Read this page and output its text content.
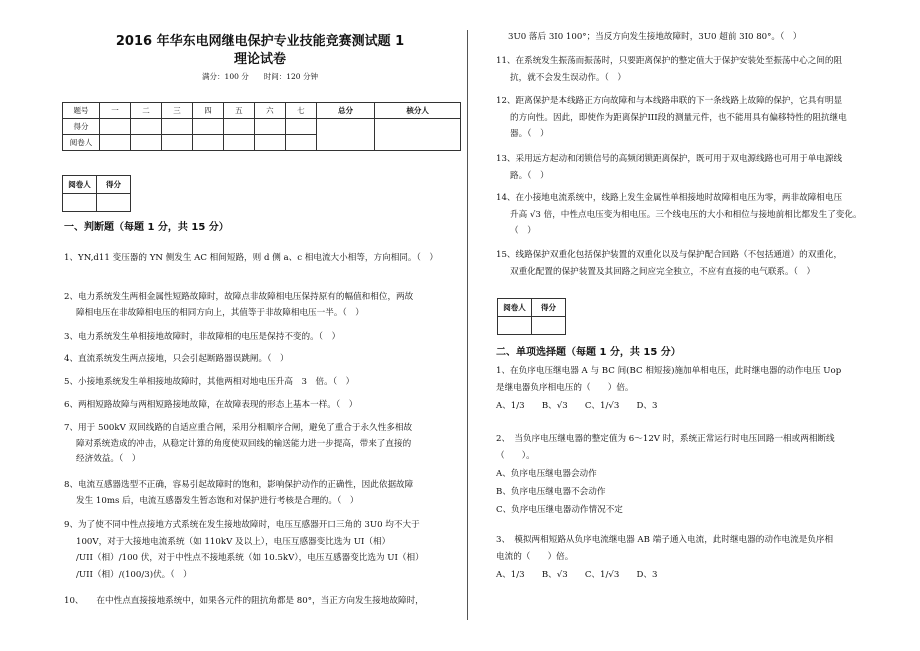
2016 年华东电网继电保护专业技能竞赛测试题 1
理论试卷
满分：100 分　　时间：120 分钟
题号	一	二	三	四	五	六	七	总分	核分人
得分									
阅卷人									
阅卷人	得分

一、判断题（每题 1 分，共 15 分）
1、YN,d11 变压器的 YN 侧发生 AC 相间短路，则 d 侧 a、c 相电流大小相等，方向相同。（　）
2、电力系统发生两相金属性短路故障时，故障点非故障相电压保持原有的幅值和相位，两故
障相电压在非故障相电压的相同方向上，其值等于非故障相电压一半。（　）
3、电力系统发生单相接地故障时，非故障相的电压是保持不变的。（　）
4、直流系统发生两点接地，只会引起断路器误跳闸。（　）
5、小接地系统发生单相接地故障时，其他两相对地电压升高　3　倍。（　）
6、两相短路故障与两相短路接地故障，在故障表现的形态上基本一样。（　）
7、用于 500kV 双回线路的自适应重合闸，采用分相顺序合闸，避免了重合于永久性多相故
障对系统造成的冲击，从稳定计算的角度使双回线的输送能力进一步提高，带来了直接的
经济效益。（　）
8、电流互感器选型不正确，容易引起故障时的饱和，影响保护动作的正确性，因此依据故障
发生 10ms 后，电流互感器发生暂态饱和对保护进行考核是合理的。（　）
9、为了使不同中性点接地方式系统在发生接地故障时，电压互感器开口三角的 3U0 均不大于
100V，对于大接地电流系统（如 110kV 及以上），电压互感器变比选为 UI（相）
/UII（相）/100 伏，对于中性点不接地系统（如 10.5kV），电压互感器变比选为 UI（相）
/UII（相）/(100/3)伏。（　）
10、　　在中性点直接接地系统中，如果各元件的阻抗角都是 80°，当正方向发生接地故障时，
3U0 落后 3I0 100°；当反方向发生接地故障时，3U0 超前 3I0 80°。（　）
11、在系统发生振荡而振荡时，只要距离保护的整定值大于保护安装处至振荡中心之间的阻
抗，就不会发生误动作。（　）
12、距离保护是本线路正方向故障和与本线路串联的下一条线路上故障的保护，它具有明显
的方向性。因此，即使作为距离保护III段的测量元件，也不能用具有偏移特性的阻抗继电
器。（　）
13、采用远方起动和闭锁信号的高频闭锁距离保护，既可用于双电源线路也可用于单电源线
路。（　）
14、在小接地电流系统中，线路上发生金属性单相接地时故障相电压为零，两非故障相电压
升高 √3 倍，中性点电压变为相电压。三个线电压的大小和相位与接地前相比都发生了变化。
（　）
15、线路保护双重化包括保护装置的双重化以及与保护配合回路（不包括通道）的双重化，
双重化配置的保护装置及其回路之间应完全独立，不应有直接的电气联系。（　）
阅卷人	得分

二、单项选择题（每题 1 分，共 15 分）
1、在负序电压继电器 A 与 BC 间(BC 相短接)施加单相电压，此时继电器的动作电压 Uop
是继电器负序相电压的（　　）倍。
A、1/3　　B、√3　　C、1/√3　　D、3
2、　当负序电压继电器的整定值为 6～12V 时，系统正常运行时电压回路一相或两相断线
（　　）。
A、负序电压继电器会动作
B、负序电压继电器不会动作
C、负序电压继电器动作情况不定
3、　模拟两相短路从负序电流继电器 AB 端子通入电流，此时继电器的动作电流是负序相
电流的（　　）倍。
A、1/3　　B、√3　　C、1/√3　　D、3
